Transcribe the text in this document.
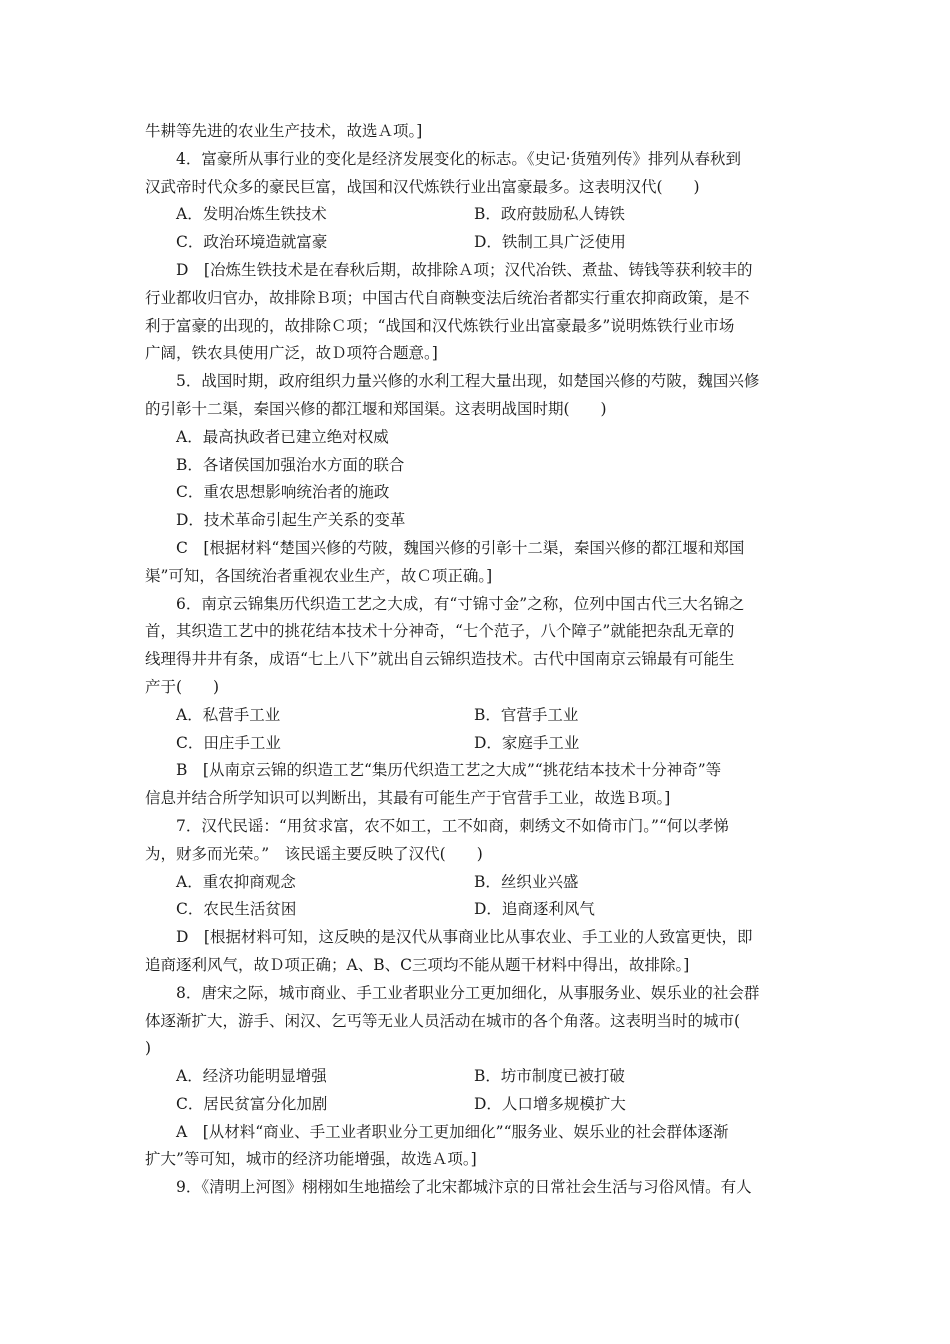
牛耕等先进的农业生产技术，故选Ａ项。]
4．富豪所从事行业的变化是经济发展变化的标志。《史记·货殖列传》排列从春秋到
汉武帝时代众多的豪民巨富，战国和汉代炼铁行业出富豪最多。这表明汉代(　　)
A．发明冶炼生铁技术	B．政府鼓励私人铸铁
C．政治环境造就富豪	D．铁制工具广泛使用
D　[冶炼生铁技术是在春秋后期，故排除Ａ项；汉代冶铁、煮盐、铸钱等获利较丰的
行业都收归官办，故排除Ｂ项；中国古代自商鞅变法后统治者都实行重农抑商政策，是不
利于富豪的出现的，故排除Ｃ项；“战国和汉代炼铁行业出富豪最多”说明炼铁行业市场
广阔，铁农具使用广泛，故Ｄ项符合题意。]
5．战国时期，政府组织力量兴修的水利工程大量出现，如楚国兴修的芍陂，魏国兴修
的引彰十二渠，秦国兴修的都江堰和郑国渠。这表明战国时期(　　)
A．最高执政者已建立绝对权威
B．各诸侯国加强治水方面的联合
C．重农思想影响统治者的施政
D．技术革命引起生产关系的变革
C　[根据材料“楚国兴修的芍陂，魏国兴修的引彰十二渠，秦国兴修的都江堰和郑国
渠”可知，各国统治者重视农业生产，故Ｃ项正确。]
6．南京云锦集历代织造工艺之大成，有“寸锦寸金”之称，位列中国古代三大名锦之
首，其织造工艺中的挑花结本技术十分神奇，“七个范子，八个障子”就能把杂乱无章的
线理得井井有条，成语“七上八下”就出自云锦织造技术。古代中国南京云锦最有可能生
产于(　　)
A．私营手工业	B．官营手工业
C．田庄手工业	D．家庭手工业
B　[从南京云锦的织造工艺“集历代织造工艺之大成”“挑花结本技术十分神奇”等
信息并结合所学知识可以判断出，其最有可能生产于官营手工业，故选Ｂ项。]
7．汉代民谣：“用贫求富，农不如工，工不如商，刺绣文不如倚市门。”“何以孝悌
为，财多而光荣。”　该民谣主要反映了汉代(　　)
A．重农抑商观念	B．丝织业兴盛
C．农民生活贫困	D．追商逐利风气
D　[根据材料可知，这反映的是汉代从事商业比从事农业、手工业的人致富更快，即
追商逐利风气，故Ｄ项正确；A、B、C三项均不能从题干材料中得出，故排除。]
8．唐宋之际，城市商业、手工业者职业分工更加细化，从事服务业、娱乐业的社会群
体逐渐扩大，游手、闲汉、乞丐等无业人员活动在城市的各个角落。这表明当时的城市(
)
A．经济功能明显增强	B．坊市制度已被打破
C．居民贫富分化加剧	D．人口增多规模扩大
A　[从材料“商业、手工业者职业分工更加细化”“服务业、娱乐业的社会群体逐渐
扩大”等可知，城市的经济功能增强，故选Ａ项。]
9．《清明上河图》栩栩如生地描绘了北宋都城汴京的日常社会生活与习俗风情。有人
